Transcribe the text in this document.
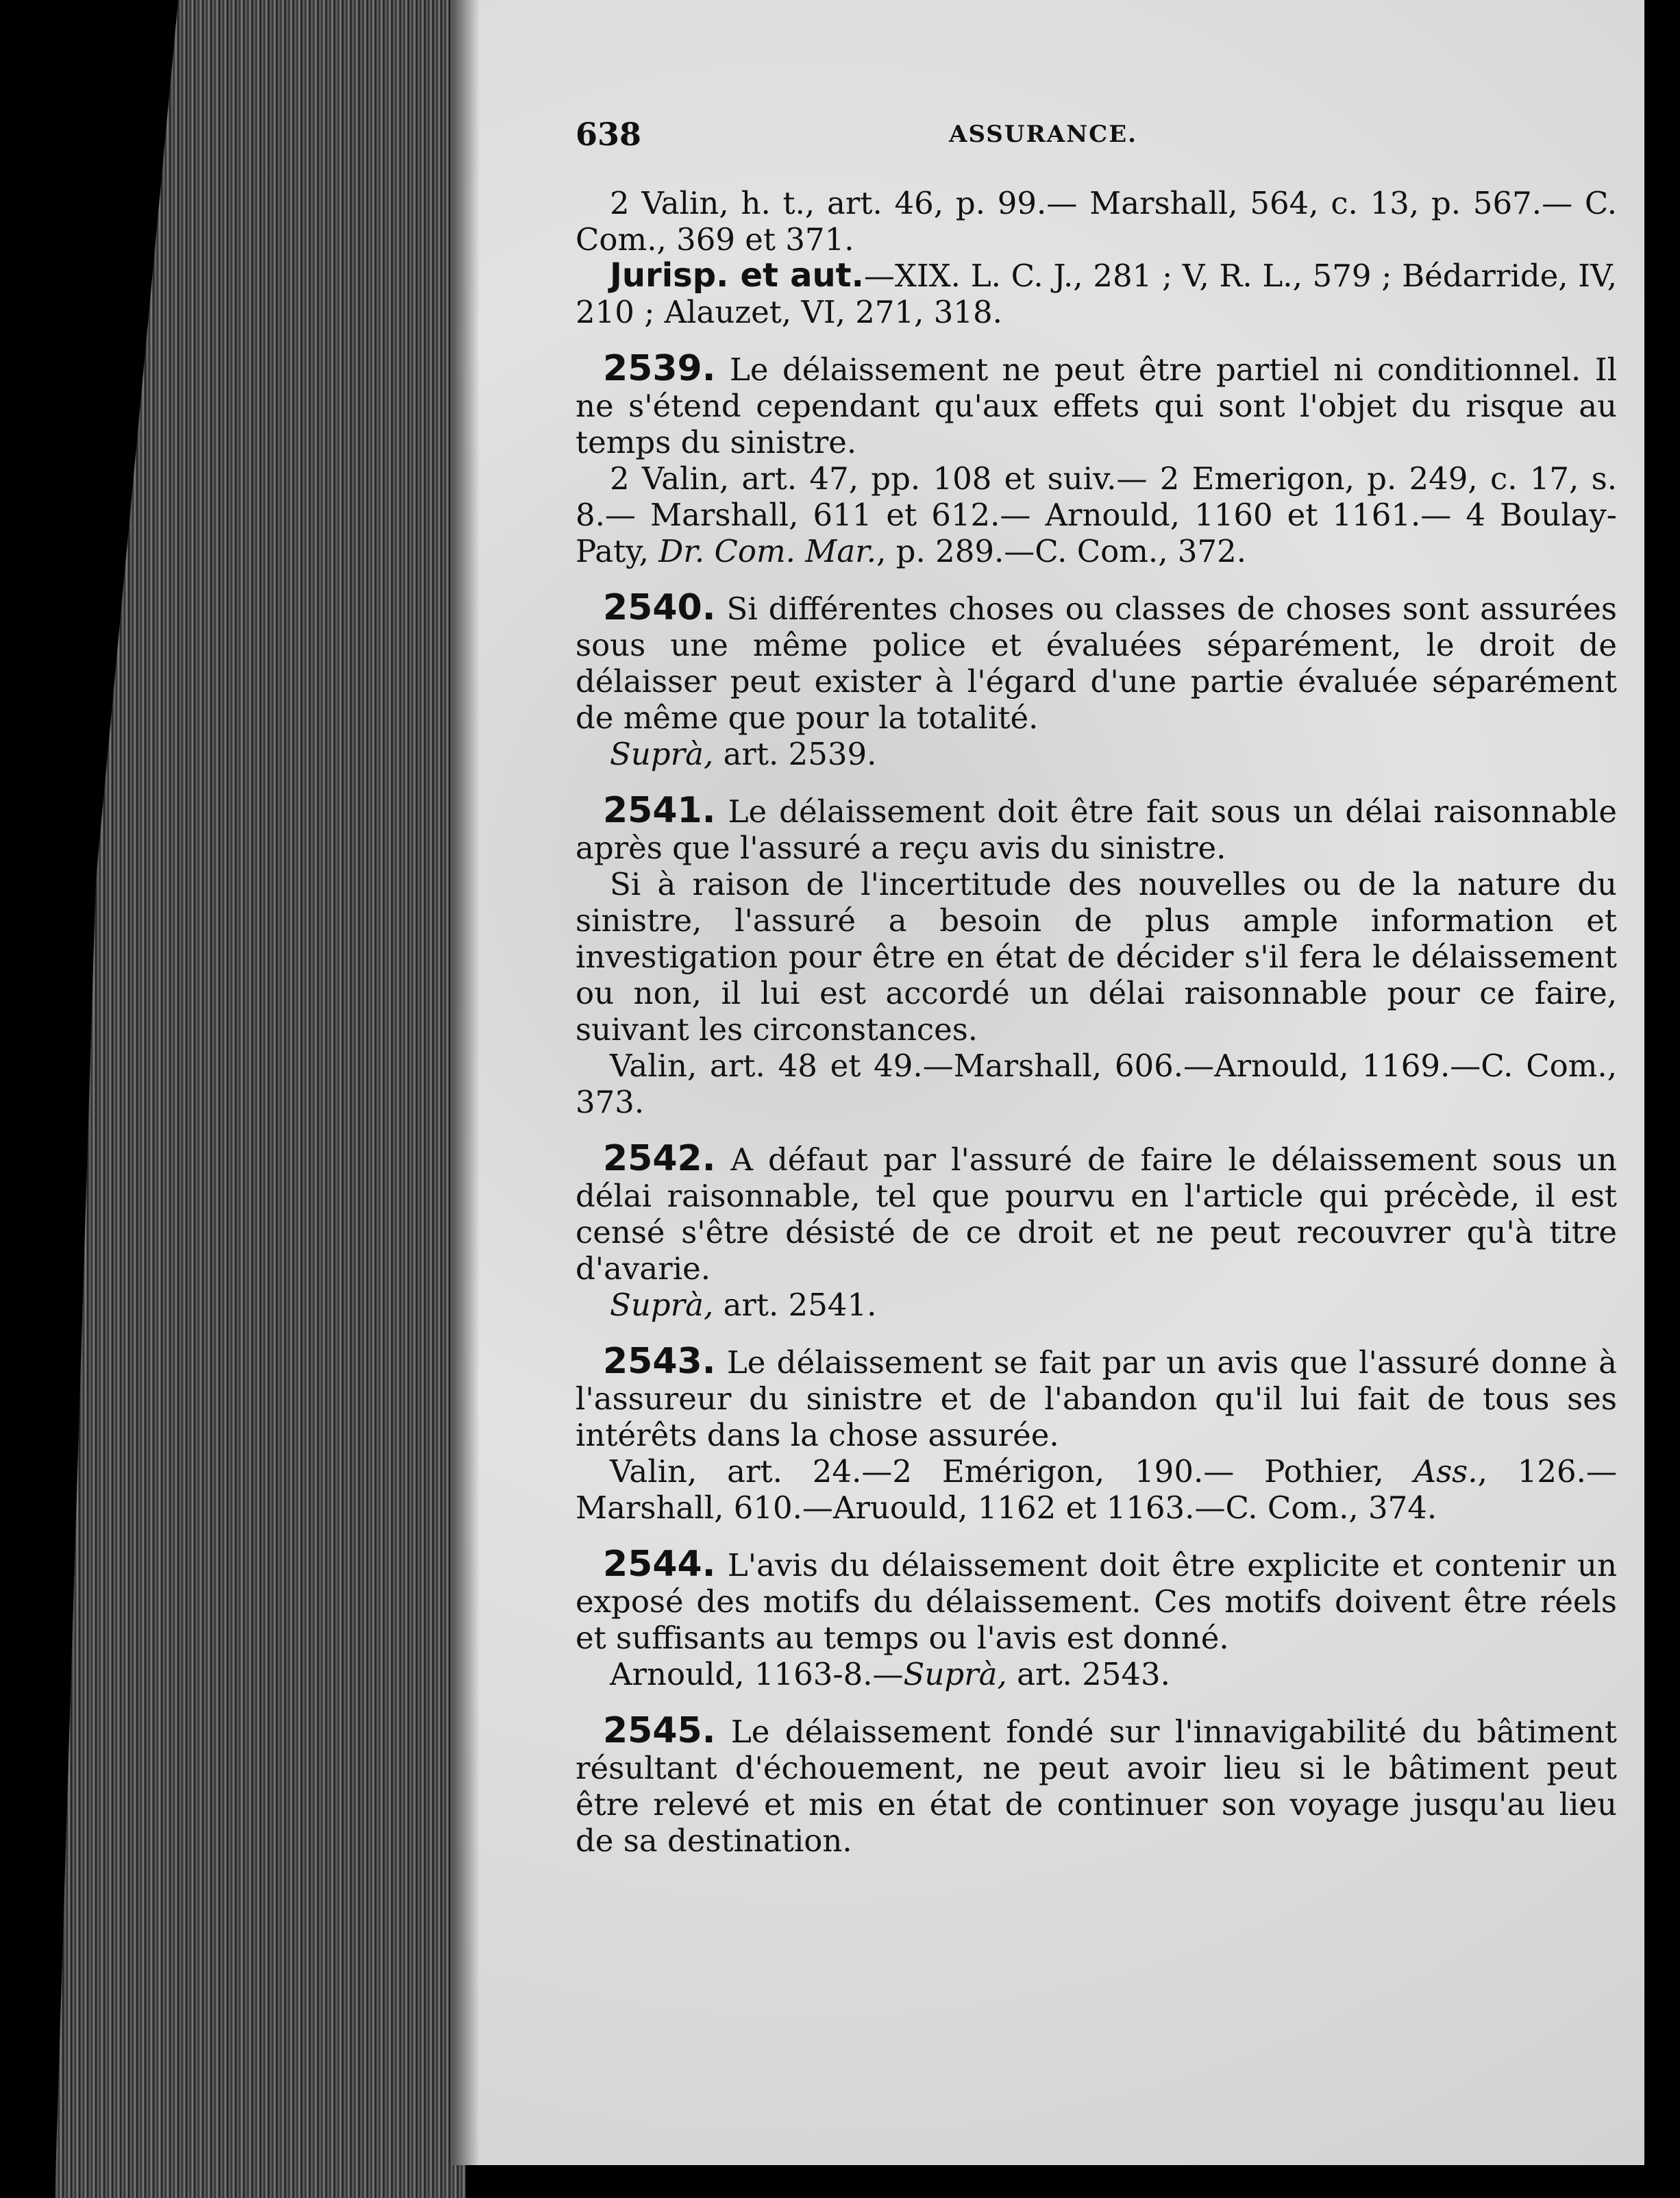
638	ASSURANCE.

2 Valin, h. t., art. 46, p. 99.— Marshall, 564, c. 13, p. 567.— C. Com., 369 et 371.

Jurisp. et aut.—XIX. L. C. J., 281 ; V, R. L., 579 ; Bédarride, IV, 210 ; Alauzet, VI, 271, 318.

2539. Le délaissement ne peut être partiel ni conditionnel. Il ne s'étend cependant qu'aux effets qui sont l'objet du risque au temps du sinistre.

2 Valin, art. 47, pp. 108 et suiv.— 2 Emerigon, p. 249, c. 17, s. 8.— Marshall, 611 et 612.— Arnould, 1160 et 1161.— 4 Boulay-Paty, Dr. Com. Mar., p. 289.—C. Com., 372.

2540. Si différentes choses ou classes de choses sont assurées sous une même police et évaluées séparément, le droit de délaisser peut exister à l'égard d'une partie évaluée séparément de même que pour la totalité.

Suprà, art. 2539.

2541. Le délaissement doit être fait sous un délai raisonnable après que l'assuré a reçu avis du sinistre.

Si à raison de l'incertitude des nouvelles ou de la nature du sinistre, l'assuré a besoin de plus ample information et investigation pour être en état de décider s'il fera le délaissement ou non, il lui est accordé un délai raisonnable pour ce faire, suivant les circonstances.

Valin, art. 48 et 49.—Marshall, 606.—Arnould, 1169.—C. Com., 373.

2542. A défaut par l'assuré de faire le délaissement sous un délai raisonnable, tel que pourvu en l'article qui précède, il est censé s'être désisté de ce droit et ne peut recouvrer qu'à titre d'avarie.

Suprà, art. 2541.

2543. Le délaissement se fait par un avis que l'assuré donne à l'assureur du sinistre et de l'abandon qu'il lui fait de tous ses intérêts dans la chose assurée.

Valin, art. 24.—2 Emérigon, 190.— Pothier, Ass., 126.— Marshall, 610.—Aruould, 1162 et 1163.—C. Com., 374.

2544. L'avis du délaissement doit être explicite et contenir un exposé des motifs du délaissement. Ces motifs doivent être réels et suffisants au temps ou l'avis est donné.

Arnould, 1163-8.—Suprà, art. 2543.

2545. Le délaissement fondé sur l'innavigabilité du bâtiment résultant d'échouement, ne peut avoir lieu si le bâtiment peut être relevé et mis en état de continuer son voyage jusqu'au lieu de sa destination.
